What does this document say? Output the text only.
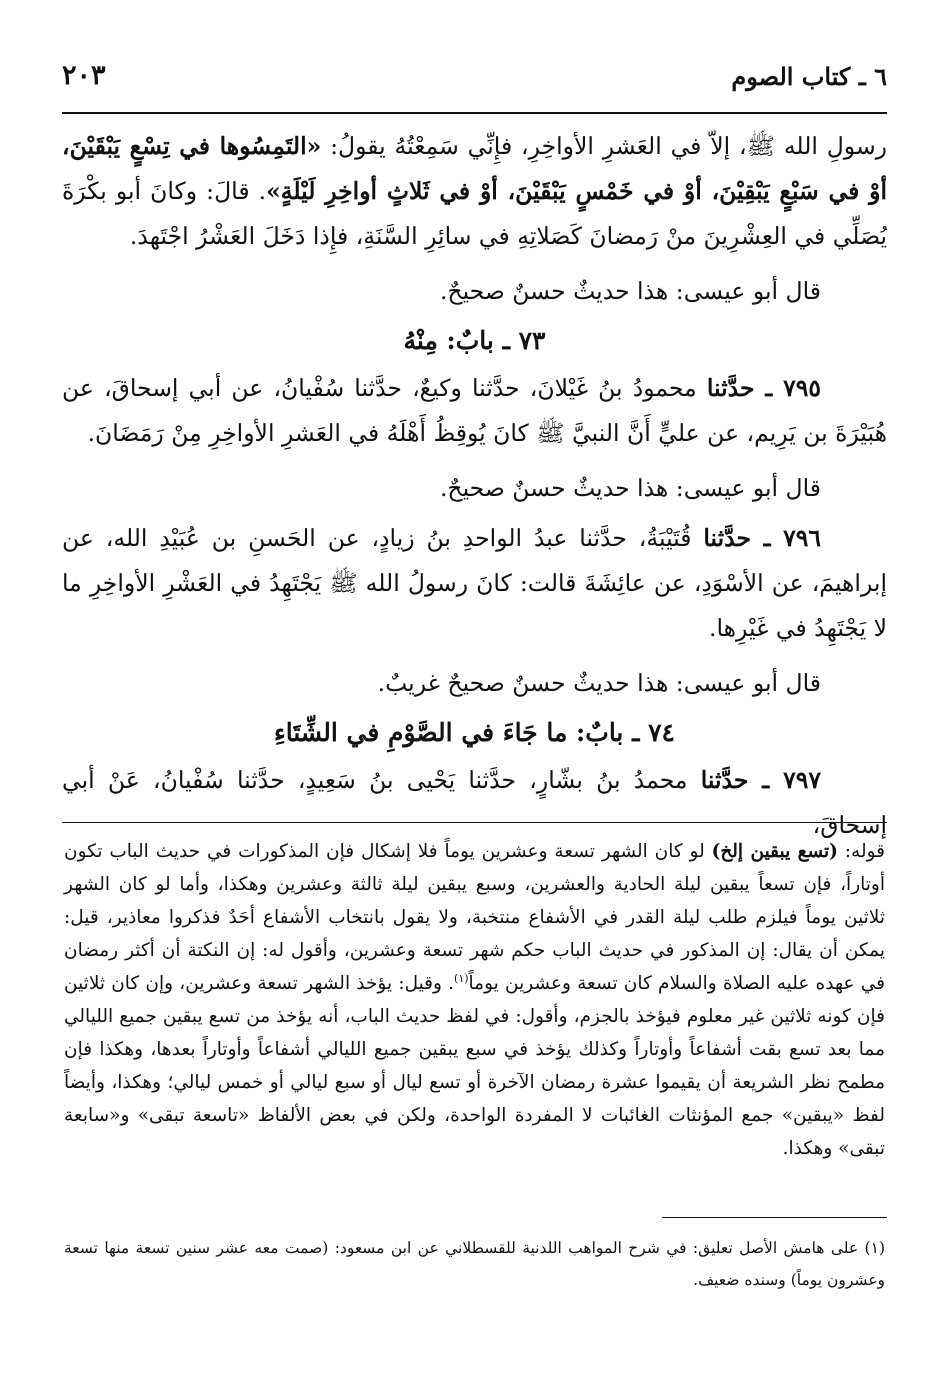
٦ ـ كتاب الصوم
٢٠٣

رسولِ الله ﷺ، إلاّ في العَشرِ الأواخِرِ، فإِنِّي سَمِعْتُهُ يقولُ: «التَمِسُوها في تِسْعٍ يَبْقَيْنَ، أوْ في سَبْعٍ يَبْقِيْنَ، أوْ في خَمْسٍ يَبْقَيْنَ، أوْ في ثَلاثٍ أواخِرِ لَيْلَةٍ». قالَ: وكانَ أبو بكْرَةَ يُصَلِّي في العِشْرِينَ منْ رَمضانَ كَصَلاتِهِ في سائِرِ السَّنَةِ، فإِذا دَخَلَ العَشْرُ اجْتَهدَ.

قال أبو عيسى: هذا حديثٌ حسنٌ صحيحٌ.

٧٣ ـ بابٌ: مِنْهُ

٧٩٥ ـ حدَّثنا محمودُ بنُ غَيْلانَ، حدَّثنا وكيعٌ، حدَّثنا سُفْيانُ، عن أبي إسحاقَ، عن هُبَيْرَةَ بن يَرِيم، عن عليٍّ أَنَّ النبيَّ ﷺ كانَ يُوقِظُ أَهْلَهُ في العَشرِ الأواخِرِ مِنْ رَمَضَانَ.

قال أبو عيسى: هذا حديثٌ حسنٌ صحيحٌ.

٧٩٦ ـ حدَّثنا قُتَيْبَةُ، حدَّثنا عبدُ الواحدِ بنُ زيادٍ، عن الحَسنِ بن عُبَيْدِ الله، عن إبراهيمَ، عن الأسْوَدِ، عن عائِشَةَ قالت: كانَ رسولُ الله ﷺ يَجْتَهِدُ في العَشْرِ الأواخِرِ ما لا يَجْتَهِدُ في غَيْرِها.

قال أبو عيسى: هذا حديثٌ حسنٌ صحيحٌ غريبٌ.

٧٤ ـ بابٌ: ما جَاءَ في الصَّوْمِ في الشِّتَاءِ

٧٩٧ ـ حدَّثنا محمدُ بنُ بشّارٍ، حدَّثنا يَحْيى بنُ سَعِيدٍ، حدَّثنا سُفْيانُ، عَنْ أبي إسحاقَ،

قوله: (تسع يبقين إلخ) لو كان الشهر تسعة وعشرين يوماً فلا إشكال فإن المذكورات في حديث الباب تكون أوتاراً، فإن تسعاً يبقين ليلة الحادية والعشرين، وسبع يبقين ليلة ثالثة وعشرين وهكذا، وأما لو كان الشهر ثلاثين يوماً فيلزم طلب ليلة القدر في الأشفاع منتخبة، ولا يقول بانتخاب الأشفاع أحَدٌ فذكروا معاذير، قيل: يمكن أن يقال: إن المذكور في حديث الباب حكم شهر تسعة وعشرين، وأقول له: إن النكتة أن أكثر رمضان في عهده عليه الصلاة والسلام كان تسعة وعشرين يوماً$^{(١)}$. وقيل: يؤخذ الشهر تسعة وعشرين، وإن كان ثلاثين فإن كونه ثلاثين غير معلوم فيؤخذ بالجزم، وأقول: في لفظ حديث الباب، أنه يؤخذ من تسع يبقين جميع الليالي مما بعد تسع بقت أشفاعاً وأوتاراً وكذلك يؤخذ في سبع يبقين جميع الليالي أشفاعاً وأوتاراً بعدها، وهكذا فإن مطمح نظر الشريعة أن يقيموا عشرة رمضان الآخرة أو تسع ليال أو سبع ليالي أو خمس ليالي؛ وهكذا، وأيضاً لفظ «يبقين» جمع المؤنثات الغائبات لا المفردة الواحدة، ولكن في بعض الألفاظ «تاسعة تبقى» و«سابعة تبقى» وهكذا.

(١) على هامش الأصل تعليق: في شرح المواهب اللدنية للقسطلاني عن ابن مسعود: (صمت معه عشر سنين تسعة منها تسعة وعشرون يوماً) وسنده ضعيف.
